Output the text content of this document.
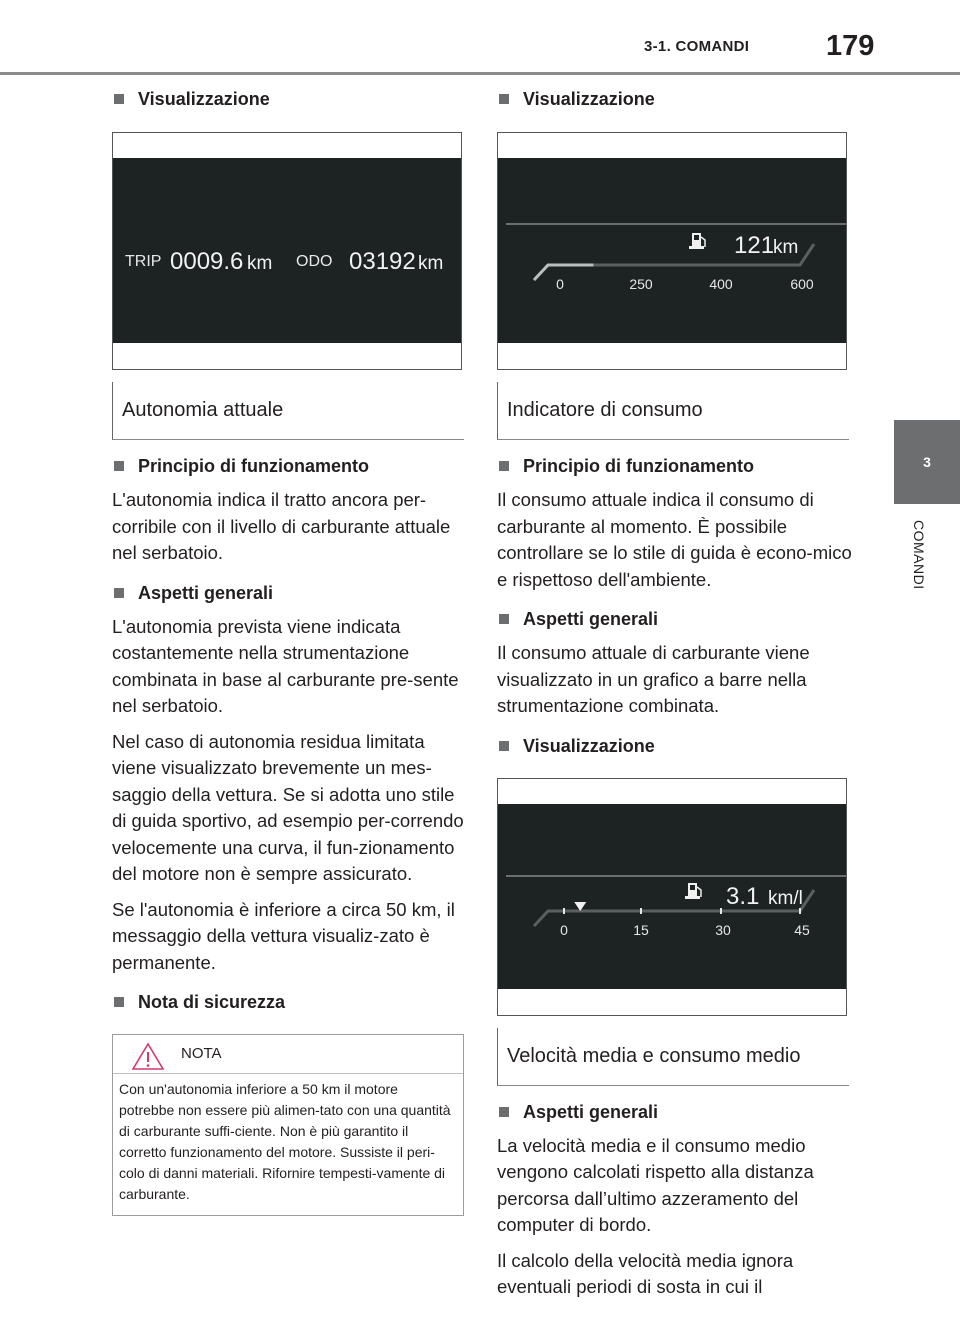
3-1. COMANDI	179
3
COMANDI

Visualizzazione

TRIP 0009.6 km ODO 03192 km
Autonomia attuale

Principio di funzionamento

L'autonomia indica il tratto ancora per-corribile con il livello di carburante attuale nel serbatoio.

Aspetti generali

L'autonomia prevista viene indicata costantemente nella strumentazione combinata in base al carburante pre-sente nel serbatoio.

Nel caso di autonomia residua limitata viene visualizzato brevemente un mes-saggio della vettura. Se si adotta uno stile di guida sportivo, ad esempio per-correndo velocemente una curva, il fun-zionamento del motore non è sempre assicurato.

Se l'autonomia è inferiore a circa 50 km, il messaggio della vettura visualiz-zato è permanente.

Nota di sicurezza

NOTA
Con un'autonomia inferiore a 50 km il motore potrebbe non essere più alimen-tato con una quantità di carburante suffi-ciente. Non è più garantito il corretto funzionamento del motore. Sussiste il peri-colo di danni materiali. Rifornire tempesti-vamente di carburante.

Visualizzazione

121
km
0	250	400	600
Indicatore di consumo

Principio di funzionamento

Il consumo attuale indica il consumo di carburante al momento. È possibile controllare se lo stile di guida è econo-mico e rispettoso dell'ambiente.

Aspetti generali

Il consumo attuale di carburante viene visualizzato in un grafico a barre nella strumentazione combinata.

Visualizzazione

3.1 km/l
0	15	30	45
Velocità media e consumo medio

Aspetti generali

La velocità media e il consumo medio vengono calcolati rispetto alla distanza percorsa dall’ultimo azzeramento del computer di bordo.

Il calcolo della velocità media ignora eventuali periodi di sosta in cui il
